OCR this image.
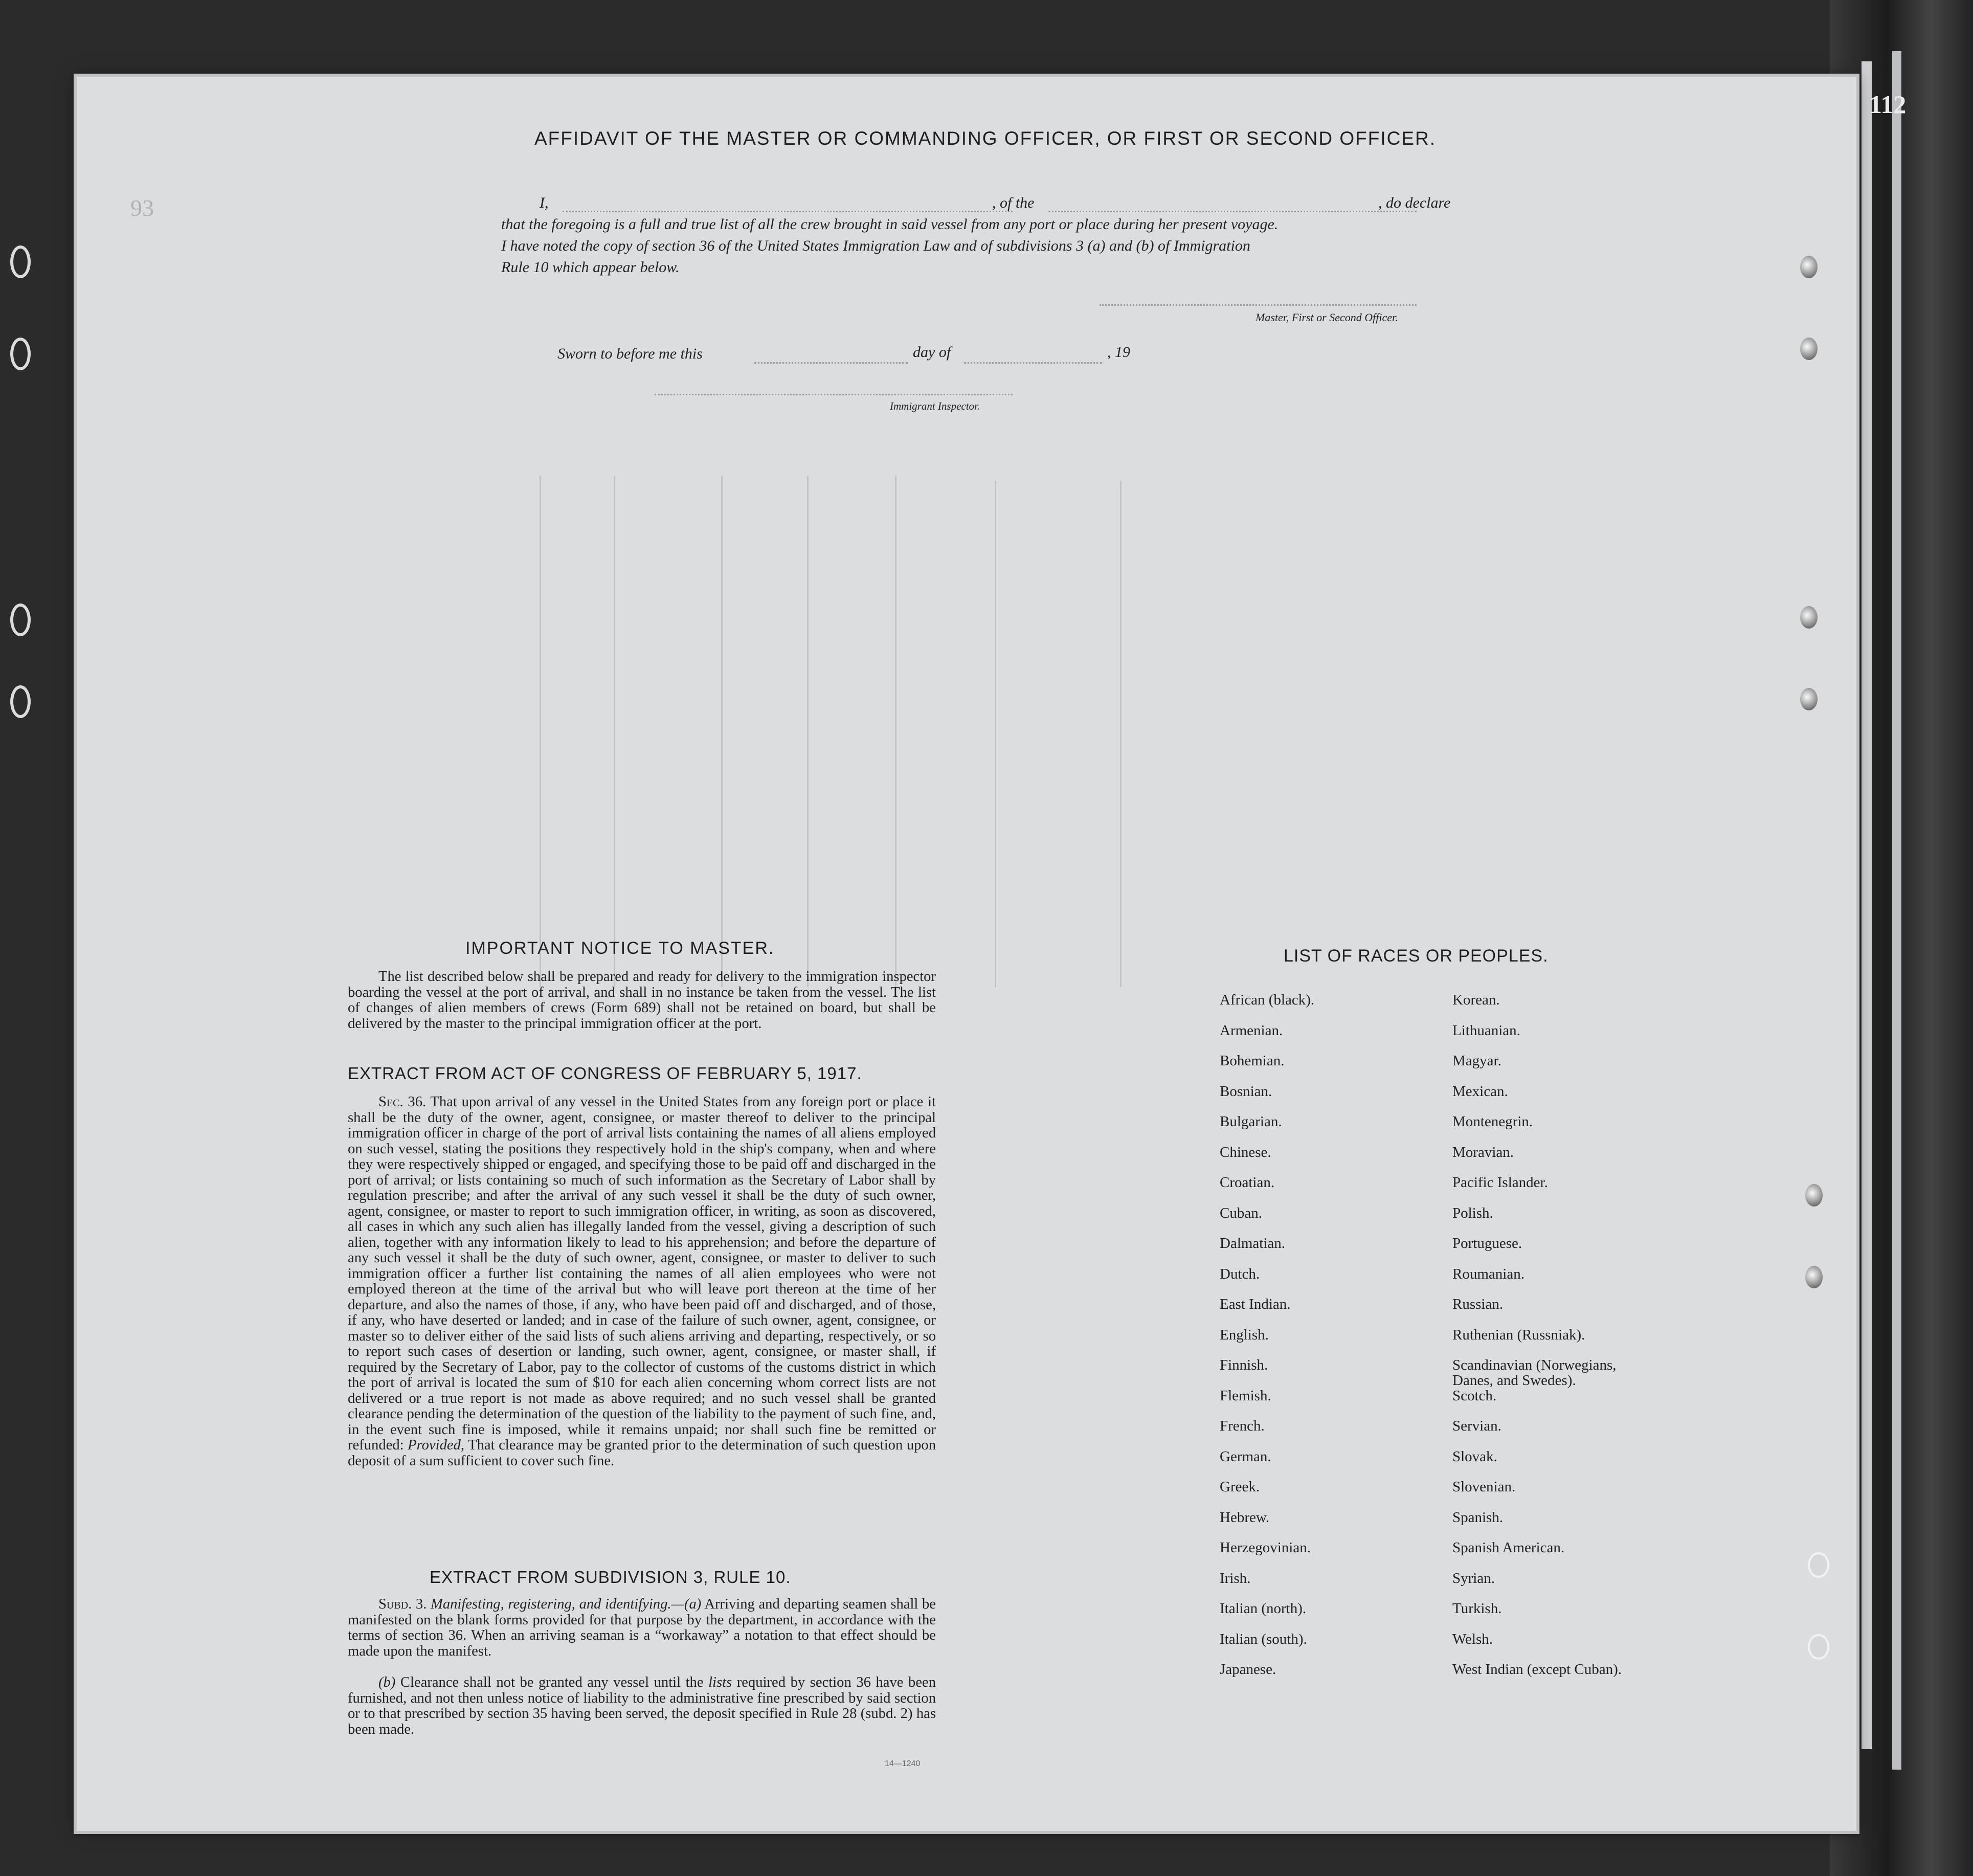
112
93
AFFIDAVIT OF THE MASTER OR COMMANDING OFFICER, OR FIRST OR SECOND OFFICER.
I,	, of the	, do declare
that the foregoing is a full and true list of all the crew brought in said vessel from any port or place during her present voyage.
I have noted the copy of section 36 of the United States Immigration Law and of subdivisions 3 (a) and (b) of Immigration
Rule 10 which appear below.
Master, First or Second Officer.
Sworn to before me this	day of	, 19
Immigrant Inspector.
IMPORTANT NOTICE TO MASTER.

The list described below shall be prepared and ready for delivery to the immigration inspector boarding the vessel at the port of arrival, and shall in no instance be taken from the vessel. The list of changes of alien members of crews (Form 689) shall not be retained on board, but shall be delivered by the master to the principal immigration officer at the port.

EXTRACT FROM ACT OF CONGRESS OF FEBRUARY 5, 1917.

Sec. 36. That upon arrival of any vessel in the United States from any foreign port or place it shall be the duty of the owner, agent, consignee, or master thereof to deliver to the principal immigration officer in charge of the port of arrival lists containing the names of all aliens employed on such vessel, stating the positions they respectively hold in the ship's company, when and where they were respectively shipped or engaged, and specifying those to be paid off and discharged in the port of arrival; or lists containing so much of such information as the Secretary of Labor shall by regulation prescribe; and after the arrival of any such vessel it shall be the duty of such owner, agent, consignee, or master to report to such immigration officer, in writing, as soon as discovered, all cases in which any such alien has illegally landed from the vessel, giving a description of such alien, together with any information likely to lead to his apprehension; and before the departure of any such vessel it shall be the duty of such owner, agent, consignee, or master to deliver to such immigration officer a further list containing the names of all alien employees who were not employed thereon at the time of the arrival but who will leave port thereon at the time of her departure, and also the names of those, if any, who have been paid off and discharged, and of those, if any, who have deserted or landed; and in case of the failure of such owner, agent, consignee, or master so to deliver either of the said lists of such aliens arriving and departing, respectively, or so to report such cases of desertion or landing, such owner, agent, consignee, or master shall, if required by the Secretary of Labor, pay to the collector of customs of the customs district in which the port of arrival is located the sum of $10 for each alien concerning whom correct lists are not delivered or a true report is not made as above required; and no such vessel shall be granted clearance pending the determination of the question of the liability to the payment of such fine, and, in the event such fine is imposed, while it remains unpaid; nor shall such fine be remitted or refunded: Provided, That clearance may be granted prior to the determination of such question upon deposit of a sum sufficient to cover such fine.

EXTRACT FROM SUBDIVISION 3, RULE 10.

Subd. 3. Manifesting, registering, and identifying.—(a) Arriving and departing seamen shall be manifested on the blank forms provided for that purpose by the department, in accordance with the terms of section 36. When an arriving seaman is a “workaway” a notation to that effect should be made upon the manifest.

(b) Clearance shall not be granted any vessel until the lists required by section 36 have been furnished, and not then unless notice of liability to the administrative fine prescribed by said section or to that prescribed by section 35 having been served, the deposit specified in Rule 28 (subd. 2) has been made.

14—1240
LIST OF RACES OR PEOPLES.
African (black).
Armenian.
Bohemian.
Bosnian.
Bulgarian.
Chinese.
Croatian.
Cuban.
Dalmatian.
Dutch.
East Indian.
English.
Finnish.
Flemish.
French.
German.
Greek.
Hebrew.
Herzegovinian.
Irish.
Italian (north).
Italian (south).
Japanese.
Korean.
Lithuanian.
Magyar.
Mexican.
Montenegrin.
Moravian.
Pacific Islander.
Polish.
Portuguese.
Roumanian.
Russian.
Ruthenian (Russniak).
Scandinavian (Norwegians,
Danes, and Swedes).
Scotch.
Servian.
Slovak.
Slovenian.
Spanish.
Spanish American.
Syrian.
Turkish.
Welsh.
West Indian (except Cuban).
